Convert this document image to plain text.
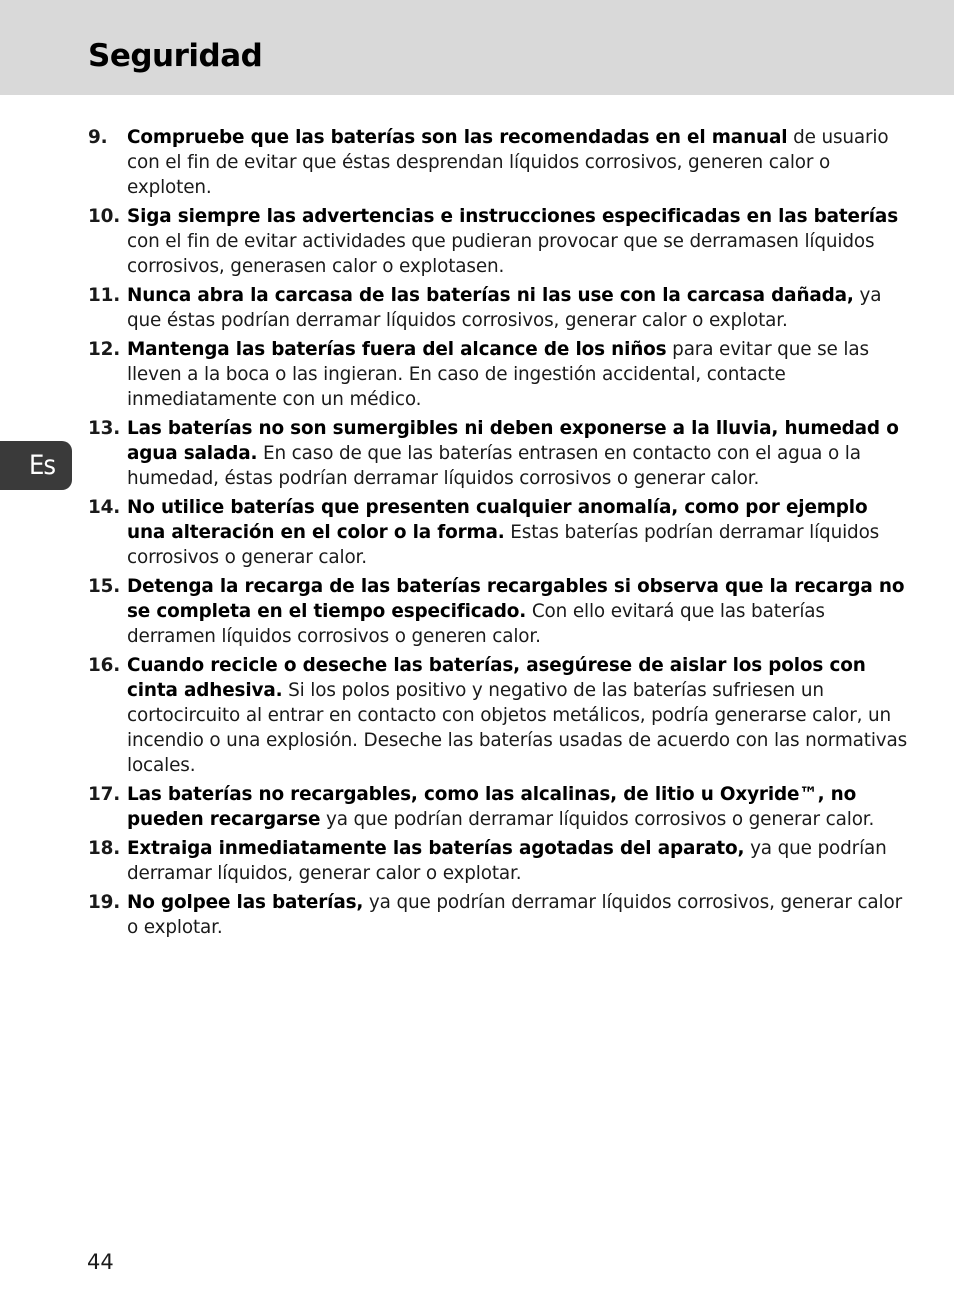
Seguridad
Es
9.	Compruebe que las baterías son las recomendadas en el manual de usuario con el fin de evitar que éstas desprendan líquidos corrosivos, generen calor o exploten.
10. Siga siempre las advertencias e instrucciones especificadas en las baterías con el fin de evitar actividades que pudieran provocar que se derramasen líquidos corrosivos, generasen calor o explotasen.
11. Nunca abra la carcasa de las baterías ni las use con la carcasa dañada, ya que éstas podrían derramar líquidos corrosivos, generar calor o explotar.
12. Mantenga las baterías fuera del alcance de los niños para evitar que se las lleven a la boca o las ingieran. En caso de ingestión accidental, contacte inmediatamente con un médico.
13. Las baterías no son sumergibles ni deben exponerse a la lluvia, humedad o agua salada. En caso de que las baterías entrasen en contacto con el agua o la humedad, éstas podrían derramar líquidos corrosivos o generar calor.
14. No utilice baterías que presenten cualquier anomalía, como por ejemplo una alteración en el color o la forma. Estas baterías podrían derramar líquidos corrosivos o generar calor.
15. Detenga la recarga de las baterías recargables si observa que la recarga no se completa en el tiempo especificado. Con ello evitará que las baterías derramen líquidos corrosivos o generen calor.
16. Cuando recicle o deseche las baterías, asegúrese de aislar los polos con cinta adhesiva. Si los polos positivo y negativo de las baterías sufriesen un cortocircuito al entrar en contacto con objetos metálicos, podría generarse calor, un incendio o una explosión. Deseche las baterías usadas de acuerdo con las normativas locales.
17. Las baterías no recargables, como las alcalinas, de litio u Oxyride™, no pueden recargarse ya que podrían derramar líquidos corrosivos o generar calor.
18. Extraiga inmediatamente las baterías agotadas del aparato, ya que podrían derramar líquidos, generar calor o explotar.
19. No golpee las baterías, ya que podrían derramar líquidos corrosivos, generar calor o explotar.
44
